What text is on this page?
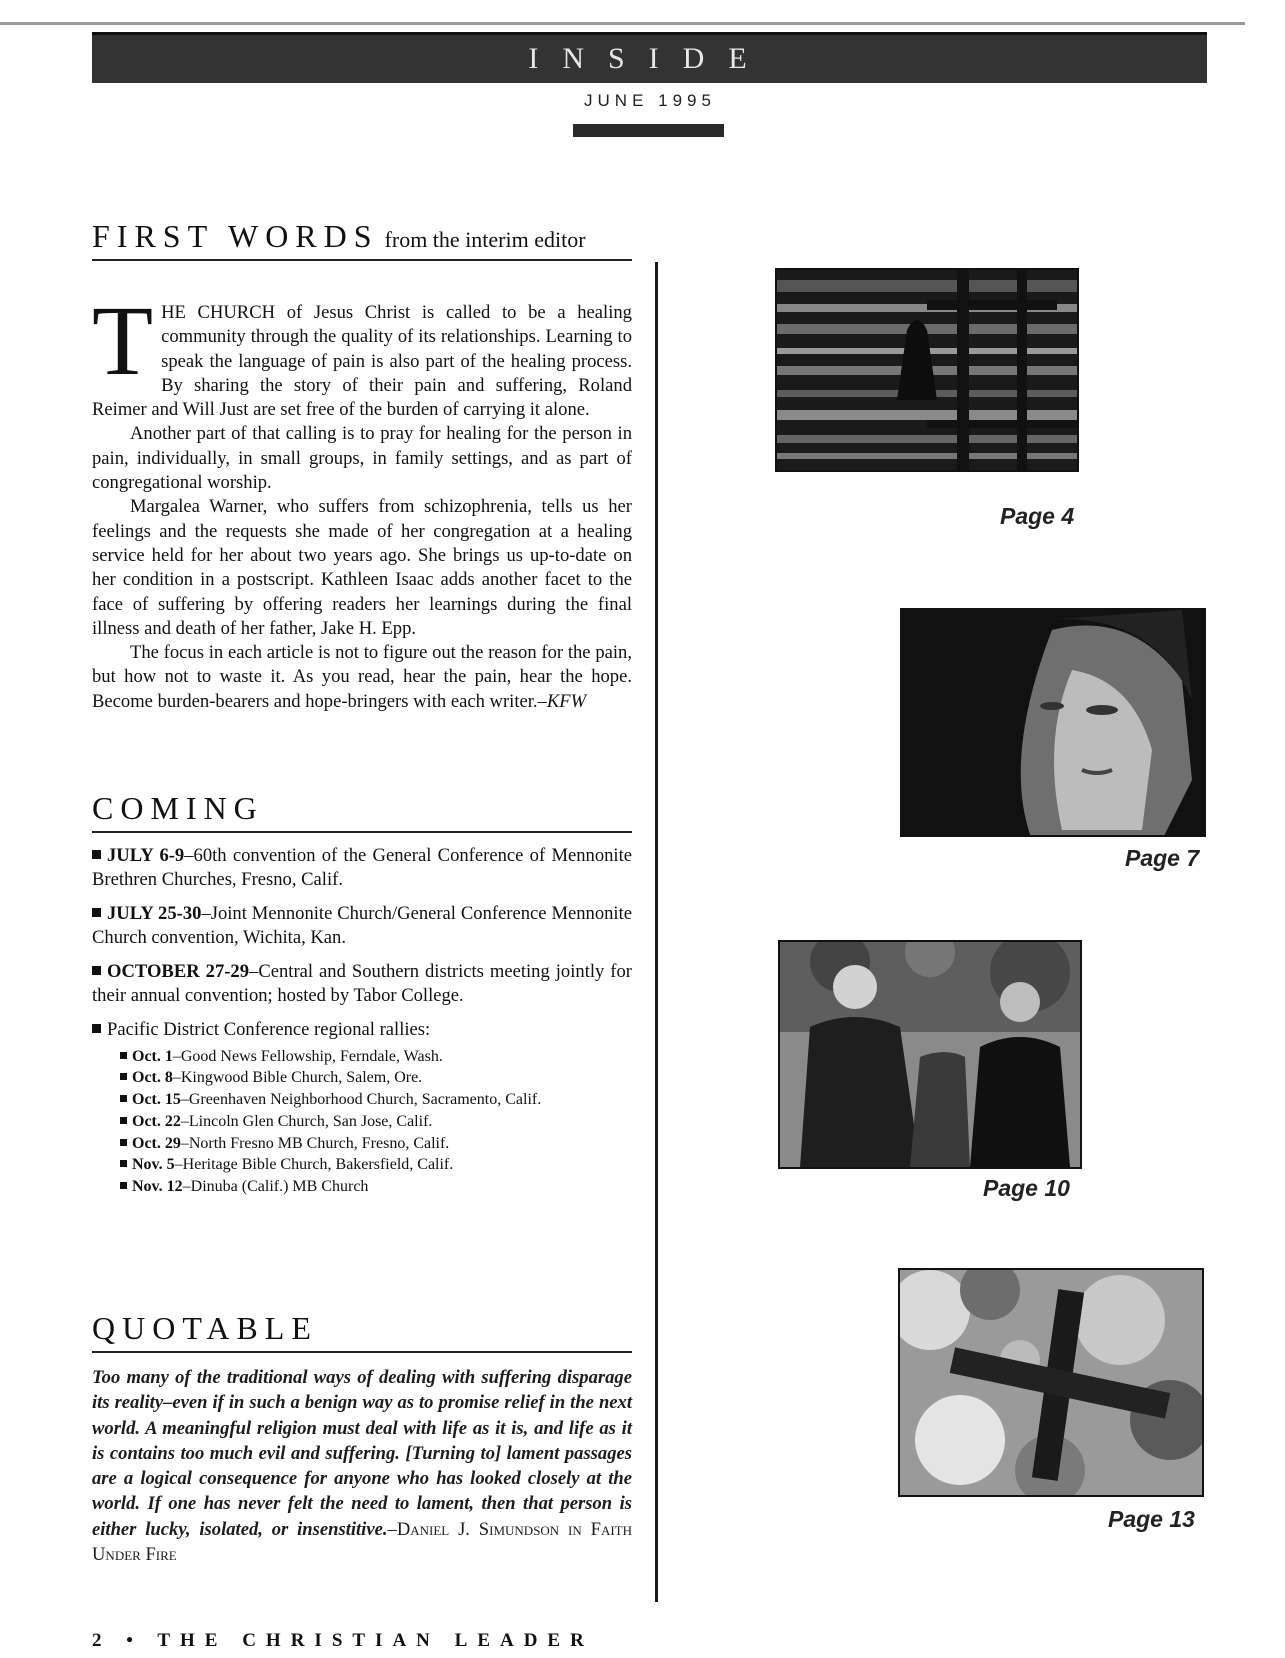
INSIDE
JUNE 1995
FIRST WORDS from the interim editor

THE CHURCH of Jesus Christ is called to be a healing community through the quality of its relationships. Learning to speak the language of pain is also part of the healing process. By sharing the story of their pain and suffering, Roland Reimer and Will Just are set free of the burden of carrying it alone.

Another part of that calling is to pray for healing for the person in pain, individually, in small groups, in family settings, and as part of congregational worship.

Margalea Warner, who suffers from schizophrenia, tells us her feelings and the requests she made of her congregation at a healing service held for her about two years ago. She brings us up-to-date on her condition in a postscript. Kathleen Isaac adds another facet to the face of suffering by offering readers her learnings during the final illness and death of her father, Jake H. Epp.

The focus in each article is not to figure out the reason for the pain, but how not to waste it. As you read, hear the pain, hear the hope. Become burden-bearers and hope-bringers with each writer.–KFW

COMING
JULY 6-9–60th convention of the General Conference of Mennonite Brethren Churches, Fresno, Calif.
JULY 25-30–Joint Mennonite Church/General Conference Mennonite Church convention, Wichita, Kan.
OCTOBER 27-29–Central and Southern districts meeting jointly for their annual convention; hosted by Tabor College.
Pacific District Conference regional rallies:
Oct. 1–Good News Fellowship, Ferndale, Wash.
Oct. 8–Kingwood Bible Church, Salem, Ore.
Oct. 15–Greenhaven Neighborhood Church, Sacramento, Calif.
Oct. 22–Lincoln Glen Church, San Jose, Calif.
Oct. 29–North Fresno MB Church, Fresno, Calif.
Nov. 5–Heritage Bible Church, Bakersfield, Calif.
Nov. 12–Dinuba (Calif.) MB Church
QUOTABLE

Too many of the traditional ways of dealing with suffering disparage its reality–even if in such a benign way as to promise relief in the next world. A meaningful religion must deal with life as it is, and life as it is contains too much evil and suffering. [Turning to] lament passages are a logical consequence for anyone who has looked closely at the world. If one has never felt the need to lament, then that person is either lucky, isolated, or insenstitive.–Daniel J. Simundson in Faith Under Fire

Page 4
Page 7
Page 10
Page 13
2 • THE CHRISTIAN LEADER
